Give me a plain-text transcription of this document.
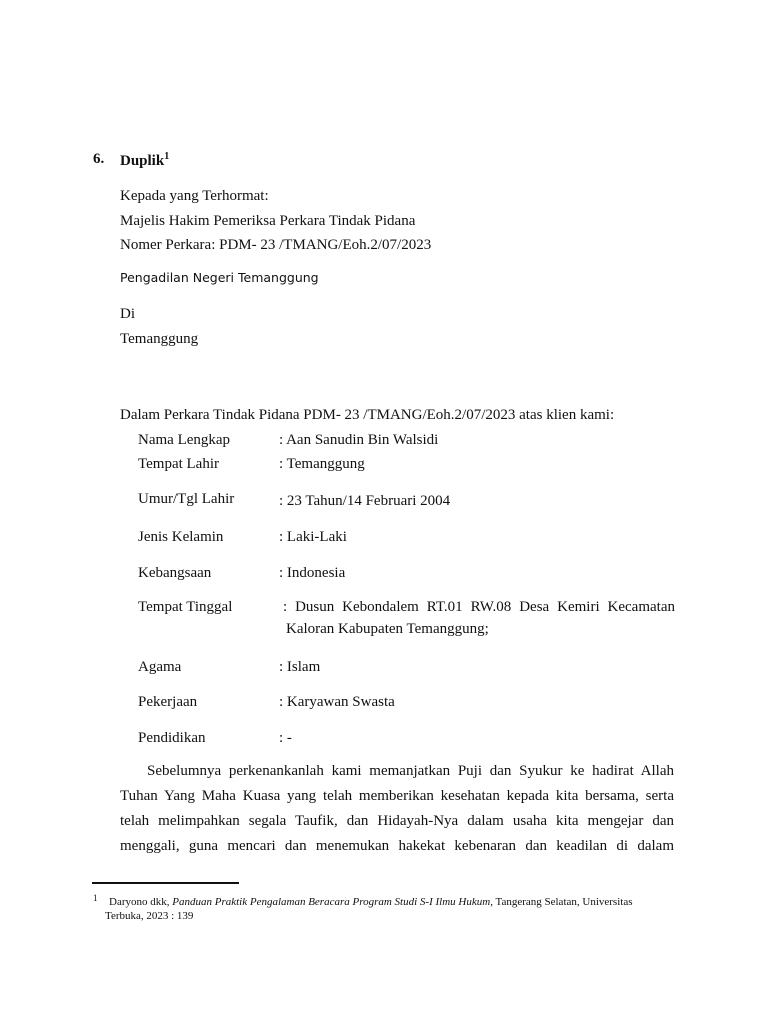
6. Duplik$^1$
Kepada yang Terhormat:
Majelis Hakim Pemeriksa Perkara Tindak Pidana
Nomer Perkara: PDM- 23 /TMANG/Eoh.2/07/2023
Pengadilan Negeri Temanggung
Di
Temanggung
Dalam Perkara Tindak Pidana PDM- 23 /TMANG/Eoh.2/07/2023 atas klien kami:
Nama Lengkap	: Aan Sanudin Bin Walsidi
Tempat Lahir	: Temanggung
Umur/Tgl Lahir	: 23 Tahun/14 Februari 2004
Jenis Kelamin	: Laki-Laki
Kebangsaan	: Indonesia
Tempat Tinggal	: Dusun Kebondalem RT.01 RW.08 Desa Kemiri Kecamatan
Kaloran Kabupaten Temanggung;
Agama	: Islam
Pekerjaan	: Karyawan Swasta
Pendidikan	: -
Sebelumnya perkenankanlah kami memanjatkan Puji dan Syukur ke hadirat Allah
Tuhan Yang Maha Kuasa yang telah memberikan kesehatan kepada kita bersama, serta
telah melimpahkan segala Taufik, dan Hidayah-Nya dalam usaha kita mengejar dan
menggali, guna mencari dan menemukan hakekat kebenaran dan keadilan di dalam
1 Daryono dkk, Panduan Praktik Pengalaman Beracara Program Studi S-I Ilmu Hukum, Tangerang Selatan, Universitas
Terbuka, 2023 : 139
